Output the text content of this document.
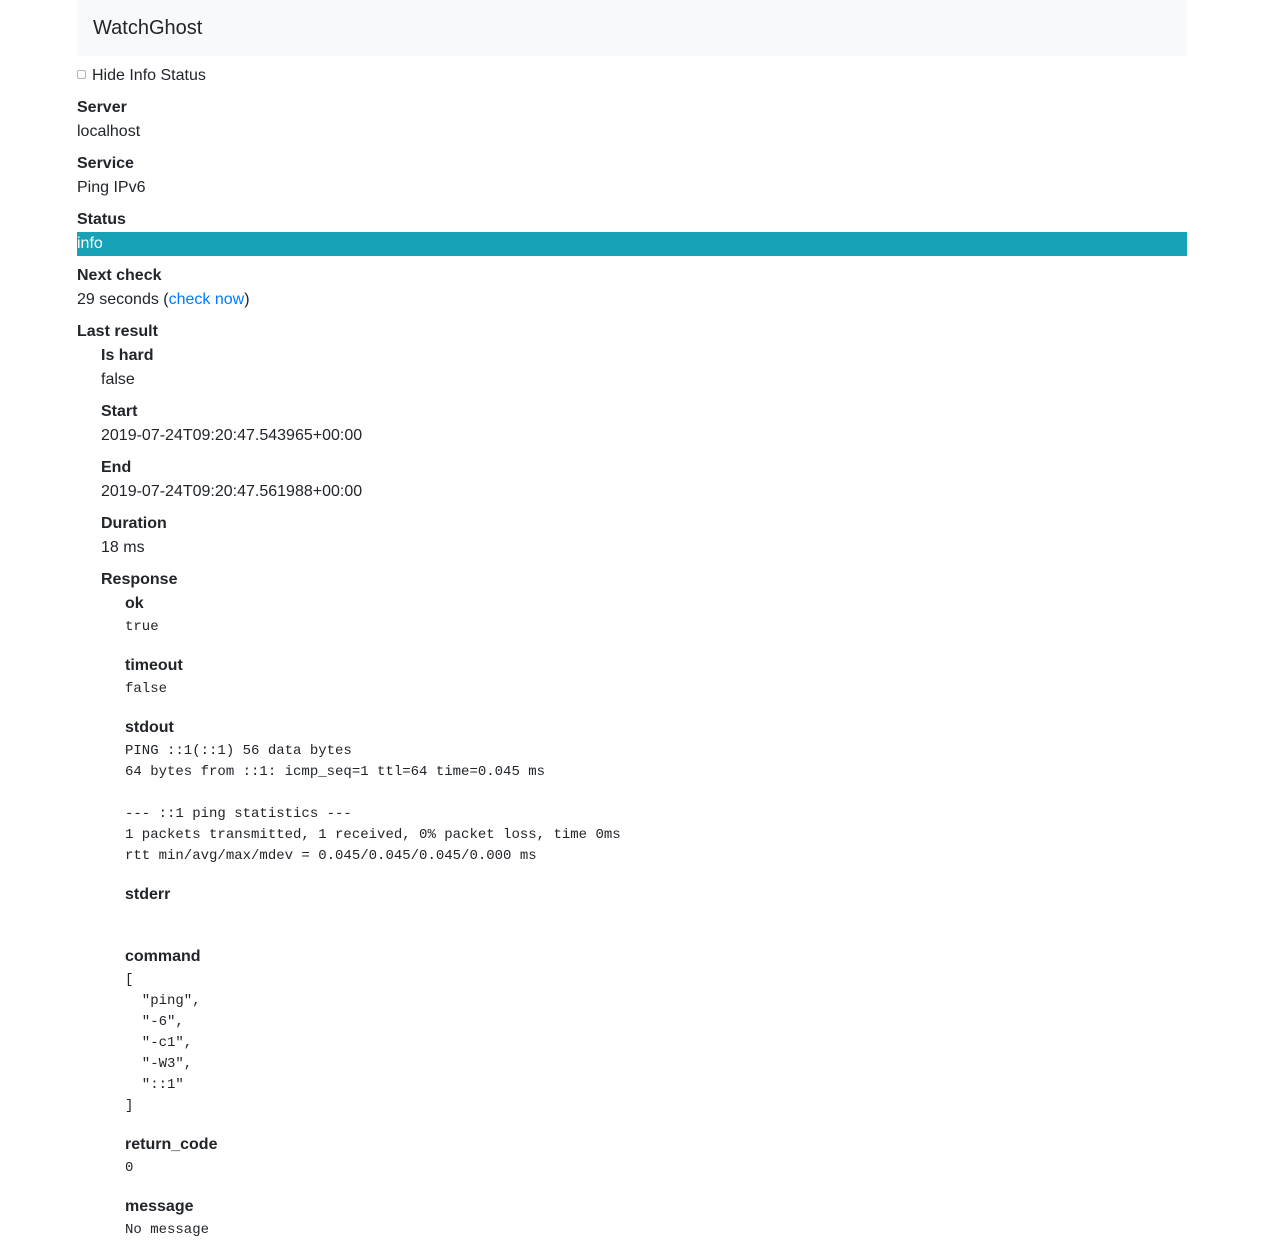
WatchGhost
Hide Info Status
Server
localhost
Service
Ping IPv6
Status
info
Next check
29 seconds (check now)
Last result
Is hard
false
Start
2019-07-24T09:20:47.543965+00:00
End
2019-07-24T09:20:47.561988+00:00
Duration
18 ms
Response
ok
true
timeout
false
stdout
PING ::1(::1) 56 data bytes
64 bytes from ::1: icmp_seq=1 ttl=64 time=0.045 ms

--- ::1 ping statistics ---
1 packets transmitted, 1 received, 0% packet loss, time 0ms
rtt min/avg/max/mdev = 0.045/0.045/0.045/0.000 ms
stderr
command
[
"ping",
"-6",
"-c1",
"-W3",
"::1"
]
return_code
0
message
No message
